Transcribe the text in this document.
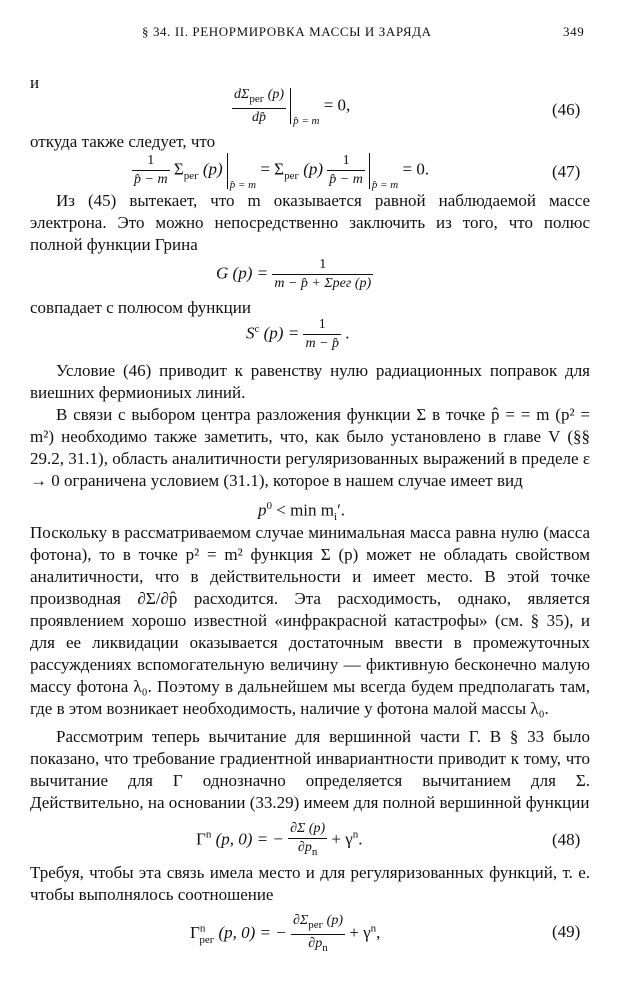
§ 34. II. РЕНОРМИРОВКА МАССЫ И ЗАРЯДА	349

и

$\frac{d\Sigma_{рег} (p)}{dp̂}$ p̂ = m = 0,	(46)

откуда также следует, что

$\frac{1}{p̂ - m} \Sigma_{рег}$ (p)p̂ = $m = \Sigma_{рег}$ $(p) \frac{1}{p̂ - m}$ p̂ = m = 0.	(47)

Из (45) вытекает, что m оказывается равной наблюдаемой массе электрона. Это можно непосредственно заключить из того, что полюс полной функции Грина

G $(p) = \frac{1}{\text{m − p̂ + Σрег (p)}}$

совпадает с полюсом функции

$S^c$ $(p) = \frac{1}{m - p̂}$ .

Условие (46) приводит к равенству нулю радиационных поправок для виешних фермиониых линий.

В связи с выбором центра разложения функции Σ в точке p̂ = = m (p² = m²) необходимо также заметить, что, как было установлено в главе V (§§ 29.2, 31.1), область аналитичности регуляризованных выражений в пределе ε → 0 ограничена условием (31.1), которое в нашем случае имеет вид

$p^0 < \min m_i'$.

Поскольку в рассматриваемом случае минимальная масса равна нулю (масса фотона), то в точке p² = m² функция Σ (p) может не обладать свойством аналитичности, что в действительности и имеет место. В этой точке производная ∂Σ/∂p̂ расходится. Эта расходимость, однако, является проявлением хорошо известной «инфракрасной катастрофы» (см. § 35), и для ее ликвидации оказывается достаточным ввести в промежуточных рассуждениях вспомогательную величину — фиктивную бесконечно малую массу фотона λ₀. Поэтому в дальнейшем мы всегда будем предполагать там, где в этом возникает необходимость, наличие у фотона малой массы λ₀.

Рассмотрим теперь вычитание для вершинной части Г. В § 33 было показано, что требование градиентной инвариантности приводит к тому, что вычитание для Г однозначно определяется вычитанием для Σ. Действительно, на основании (33.29) имеем для полной вершинной функции

$\Gamma^n$ (p, 0) = − $\frac{\partial\Sigma (p)}{\partial p_n} + \gamma^n$.	(48)

Требуя, чтобы эта связь имела место и для регуляризованных функций, т. е. чтобы выполнялось соотношение

$\Gamma^n_{рег}$ (p, 0) = − $\frac{\partial\Sigma_{рег} (p)}{\partial p_n} + \gamma^n$,	(49)
